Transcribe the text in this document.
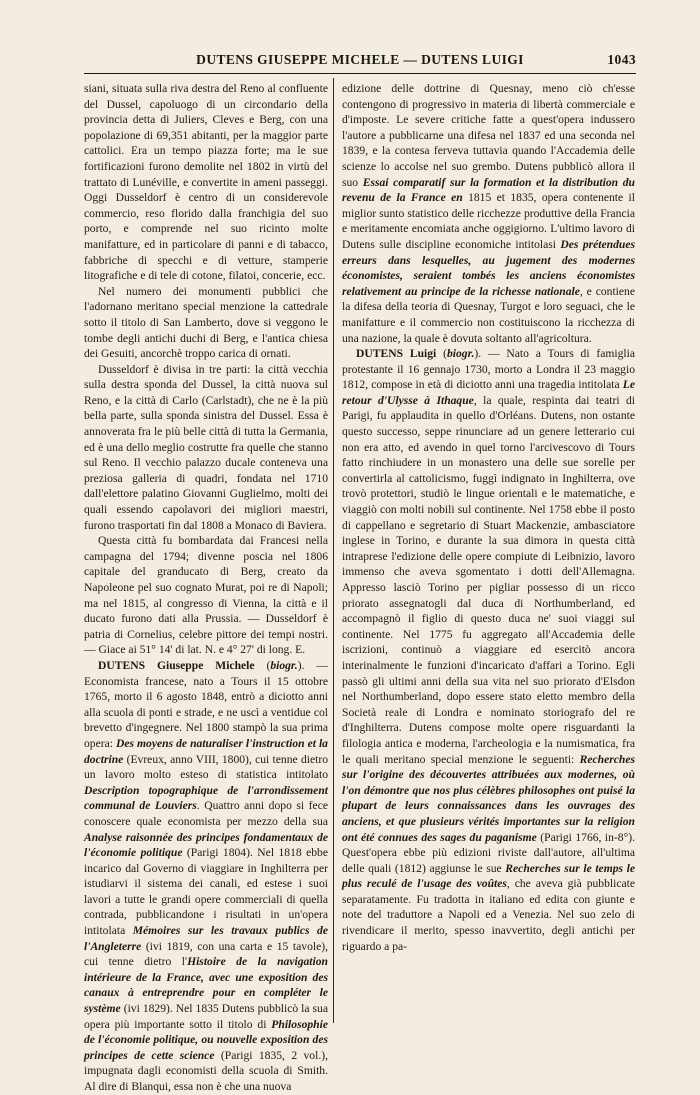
DUTENS GIUSEPPE MICHELE — DUTENS LUIGI	1043

siani, situata sulla riva destra del Reno al confluente del Dussel, capoluogo di un circondario della provincia detta di Juliers, Cleves e Berg, con una popolazione di 69,351 abitanti, per la maggior parte cattolici. Era un tempo piazza forte; ma le sue fortificazioni furono demolite nel 1802 in virtù del trattato di Lunéville, e convertite in ameni passeggi. Oggi Dusseldorf è centro di un considerevole commercio, reso florido dalla franchigia del suo porto, e comprende nel suo ricinto molte manifatture, ed in particolare di panni e di tabacco, fabbriche di specchi e di vetture, stamperie litografiche e di tele di cotone, filatoi, concerie, ecc.

Nel numero dei monumenti pubblici che l'adornano meritano special menzione la cattedrale sotto il titolo di San Lamberto, dove si veggono le tombe degli antichi duchi di Berg, e l'antica chiesa dei Gesuiti, ancorchè troppo carica di ornati.

Dusseldorf è divisa in tre parti: la città vecchia sulla destra sponda del Dussel, la città nuova sul Reno, e la città di Carlo (Carlstadt), che ne è la più bella parte, sulla sponda sinistra del Dussel. Essa è annoverata fra le più belle città di tutta la Germania, ed è una dello meglio costrutte fra quelle che stanno sul Reno. Il vecchio palazzo ducale conteneva una preziosa galleria di quadri, fondata nel 1710 dall'elettore palatino Giovanni Guglielmo, molti dei quali essendo capolavori dei migliori maestri, furono trasportati fin dal 1808 a Monaco di Baviera.

Questa città fu bombardata dai Francesi nella campagna del 1794; divenne poscia nel 1806 capitale del granducato di Berg, creato da Napoleone pel suo cognato Murat, poi re di Napoli; ma nel 1815, al congresso di Vienna, la città e il ducato furono dati alla Prussia. — Dusseldorf è patria di Cornelius, celebre pittore dei tempi nostri. — Giace ai 51° 14' di lat. N. e 4° 27' di long. E.

DUTENS Giuseppe Michele (biogr.). — Economista francese, nato a Tours il 15 ottobre 1765, morto il 6 agosto 1848, entrò a diciotto anni alla scuola di ponti e strade, e ne uscì a ventidue col brevetto d'ingegnere. Nel 1800 stampò la sua prima opera: Des moyens de naturaliser l'instruction et la doctrine (Evreux, anno VIII, 1800), cui tenne dietro un lavoro molto esteso di statistica intitolato Description topographique de l'arrondissement communal de Louviers. Quattro anni dopo si fece conoscere quale economista per mezzo della sua Analyse raisonnée des principes fondamentaux de l'économie politique (Parigi 1804). Nel 1818 ebbe incarico dal Governo di viaggiare in Inghilterra per istudiarvi il sistema dei canali, ed estese i suoi lavori a tutte le grandi opere commerciali di quella contrada, pubblicandone i risultati in un'opera intitolata Mémoires sur les travaux publics de l'Angleterre (ivi 1819, con una carta e 15 tavole), cui tenne dietro l'Histoire de la navigation intérieure de la France, avec une exposition des canaux à entreprendre pour en compléter le système (ivi 1829). Nel 1835 Dutens pubblicò la sua opera più importante sotto il titolo di Philosophie de l'économie politique, ou nouvelle exposition des principes de cette science (Parigi 1835, 2 vol.), impugnata dagli economisti della scuola di Smith. Al dire di Blanqui, essa non è che una nuova

edizione delle dottrine di Quesnay, meno ciò ch'esse contengono di progressivo in materia di libertà commerciale e d'imposte. Le severe critiche fatte a quest'opera indussero l'autore a pubblicarne una difesa nel 1837 ed una seconda nel 1839, e la contesa ferveva tuttavia quando l'Accademia delle scienze lo accolse nel suo grembo. Dutens pubblicò allora il suo Essai comparatif sur la formation et la distribution du revenu de la France en 1815 et 1835, opera contenente il miglior sunto statistico delle ricchezze produttive della Francia e meritamente encomiata anche oggigiorno. L'ultimo lavoro di Dutens sulle discipline economiche intitolasi Des prétendues erreurs dans lesquelles, au jugement des modernes économistes, seraient tombés les anciens économistes relativement au principe de la richesse nationale, e contiene la difesa della teoria di Quesnay, Turgot e loro seguaci, che le manifatture e il commercio non costituiscono la ricchezza di una nazione, la quale è dovuta soltanto all'agricoltura.

DUTENS Luigi (biogr.). — Nato a Tours di famiglia protestante il 16 gennajo 1730, morto a Londra il 23 maggio 1812, compose in età di diciotto anni una tragedia intitolata Le retour d'Ulysse à Ithaque, la quale, respinta dai teatri di Parigi, fu applaudita in quello d'Orléans. Dutens, non ostante questo successo, seppe rinunciare ad un genere letterario cui non era atto, ed avendo in quel torno l'arcivescovo di Tours fatto rinchiudere in un monastero una delle sue sorelle per convertirla al cattolicismo, fuggì indignato in Inghilterra, ove trovò protettori, studiò le lingue orientali e le matematiche, e viaggiò con molti nobili sul continente. Nel 1758 ebbe il posto di cappellano e segretario di Stuart Mackenzie, ambasciatore inglese in Torino, e durante la sua dimora in questa città intraprese l'edizione delle opere compiute di Leibnizio, lavoro immenso che aveva sgomentato i dotti dell'Allemagna. Appresso lasciò Torino per pigliar possesso di un ricco priorato assegnatogli dal duca di Northumberland, ed accompagnò il figlio di questo duca ne' suoi viaggi sul continente. Nel 1775 fu aggregato all'Accademia delle iscrizioni, continuò a viaggiare ed esercitò ancora interinalmente le funzioni d'incaricato d'affari a Torino. Egli passò gli ultimi anni della sua vita nel suo priorato d'Elsdon nel Northumberland, dopo essere stato eletto membro della Società reale di Londra e nominato storiografo del re d'Inghilterra. Dutens compose molte opere risguardanti la filologia antica e moderna, l'archeologia e la numismatica, fra le quali meritano special menzione le seguenti: Recherches sur l'origine des découvertes attribuées aux modernes, où l'on démontre que nos plus célèbres philosophes ont puisé la plupart de leurs connaissances dans les ouvrages des anciens, et que plusieurs vérités importantes sur la religion ont été connues des sages du paganisme (Parigi 1766, in-8°). Quest'opera ebbe più edizioni riviste dall'autore, all'ultima delle quali (1812) aggiunse le sue Recherches sur le temps le plus reculé de l'usage des voûtes, che aveva già pubblicate separatamente. Fu tradotta in italiano ed edita con giunte e note del traduttore a Napoli ed a Venezia. Nel suo zelo di rivendicare il merito, spesso inavvertito, degli antichi per riguardo a pa-
